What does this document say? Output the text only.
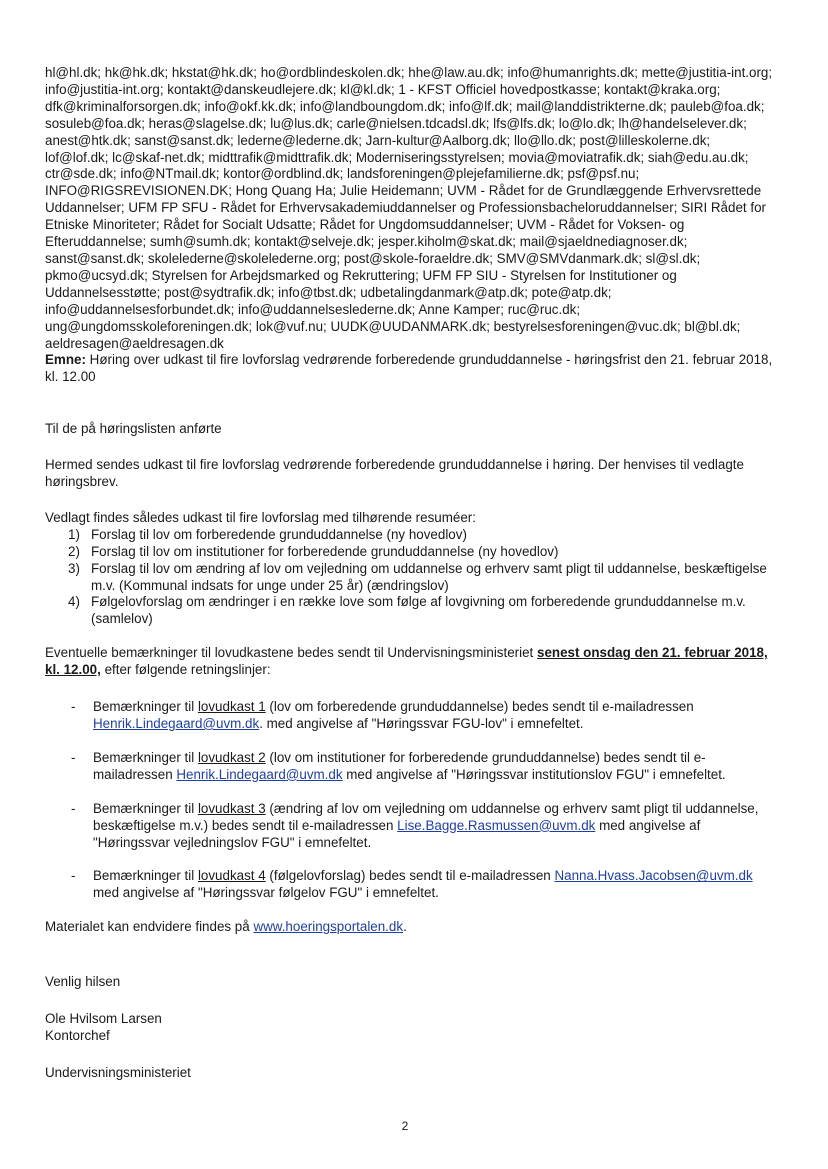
hl@hl.dk; hk@hk.dk; hkstat@hk.dk; ho@ordblindeskolen.dk; hhe@law.au.dk; info@humanrights.dk; mette@justitia-int.org; info@justitia-int.org; kontakt@danskeudlejere.dk; kl@kl.dk; 1 - KFST Officiel hovedpostkasse; kontakt@kraka.org; dfk@kriminalforsorgen.dk; info@okf.kk.dk; info@landboungdom.dk; info@lf.dk; mail@landdistrikterne.dk; pauleb@foa.dk; sosuleb@foa.dk; heras@slagelse.dk; lu@lus.dk; carle@nielsen.tdcadsl.dk; lfs@lfs.dk; lo@lo.dk; lh@handelselever.dk; anest@htk.dk; sanst@sanst.dk; lederne@lederne.dk; Jarn-kultur@Aalborg.dk; llo@llo.dk; post@lilleskolerne.dk; lof@lof.dk; lc@skaf-net.dk; midttrafik@midttrafik.dk; Moderniseringsstyrelsen; movia@moviatrafik.dk; siah@edu.au.dk; ctr@sde.dk; info@NTmail.dk; kontor@ordblind.dk; landsforeningen@plejefamilierne.dk; psf@psf.nu; INFO@RIGSREVISIONEN.DK; Hong Quang Ha; Julie Heidemann; UVM - Rådet for de Grundlæggende Erhvervsrettede Uddannelser; UFM FP SFU - Rådet for Erhvervsakademiuddannelser og Professionsbacheloruddannelser; SIRI Rådet for Etniske Minoriteter; Rådet for Socialt Udsatte; Rådet for Ungdomsuddannelser; UVM - Rådet for Voksen- og Efteruddannelse; sumh@sumh.dk; kontakt@selveje.dk; jesper.kiholm@skat.dk; mail@sjaeldnediagnoser.dk; sanst@sanst.dk; skolelederne@skolelederne.org; post@skole-foraeldre.dk; SMV@SMVdanmark.dk; sl@sl.dk; pkmo@ucsyd.dk; Styrelsen for Arbejdsmarked og Rekruttering; UFM FP SIU - Styrelsen for Institutioner og Uddannelsesstøtte; post@sydtrafik.dk; info@tbst.dk; udbetalingdanmark@atp.dk; pote@atp.dk; info@uddannelsesforbundet.dk; info@uddannelseslederne.dk; Anne Kamper; ruc@ruc.dk; ung@ungdomsskoleforeningen.dk; lok@vuf.nu; UUDK@UUDANMARK.dk; bestyrelsesforeningen@vuc.dk; bl@bl.dk; aeldresagen@aeldresagen.dk

Emne: Høring over udkast til fire lovforslag vedrørende forberedende grunduddannelse - høringsfrist den 21. februar 2018, kl. 12.00

Til de på høringslisten anførte

Hermed sendes udkast til fire lovforslag vedrørende forberedende grunduddannelse i høring. Der henvises til vedlagte høringsbrev.

Vedlagt findes således udkast til fire lovforslag med tilhørende resuméer:

1) Forslag til lov om forberedende grunduddannelse (ny hovedlov)
2) Forslag til lov om institutioner for forberedende grunduddannelse (ny hovedlov)
3) Forslag til lov om ændring af lov om vejledning om uddannelse og erhverv samt pligt til uddannelse, beskæftigelse m.v. (Kommunal indsats for unge under 25 år) (ændringslov)
4) Følgelovforslag om ændringer i en række love som følge af lovgivning om forberedende grunduddannelse m.v. (samlelov)

Eventuelle bemærkninger til lovudkastene bedes sendt til Undervisningsministeriet senest onsdag den 21. februar 2018, kl. 12.00, efter følgende retningslinjer:

-	Bemærkninger til lovudkast 1 (lov om forberedende grunduddannelse) bedes sendt til e-mailadressen Henrik.Lindegaard@uvm.dk. med angivelse af "Høringssvar FGU-lov" i emnefeltet.
-	Bemærkninger til lovudkast 2 (lov om institutioner for forberedende grunduddannelse) bedes sendt til e-mailadressen Henrik.Lindegaard@uvm.dk med angivelse af "Høringssvar institutionslov FGU" i emnefeltet.
-	Bemærkninger til lovudkast 3 (ændring af lov om vejledning om uddannelse og erhverv samt pligt til uddannelse, beskæftigelse m.v.) bedes sendt til e-mailadressen Lise.Bagge.Rasmussen@uvm.dk med angivelse af "Høringssvar vejledningslov FGU" i emnefeltet.
-	Bemærkninger til lovudkast 4 (følgelovforslag) bedes sendt til e-mailadressen Nanna.Hvass.Jacobsen@uvm.dk med angivelse af "Høringssvar følgelov FGU" i emnefeltet.

Materialet kan endvidere findes på www.hoeringsportalen.dk.

Venlig hilsen

Ole Hvilsom Larsen

Kontorchef

Undervisningsministeriet

2
